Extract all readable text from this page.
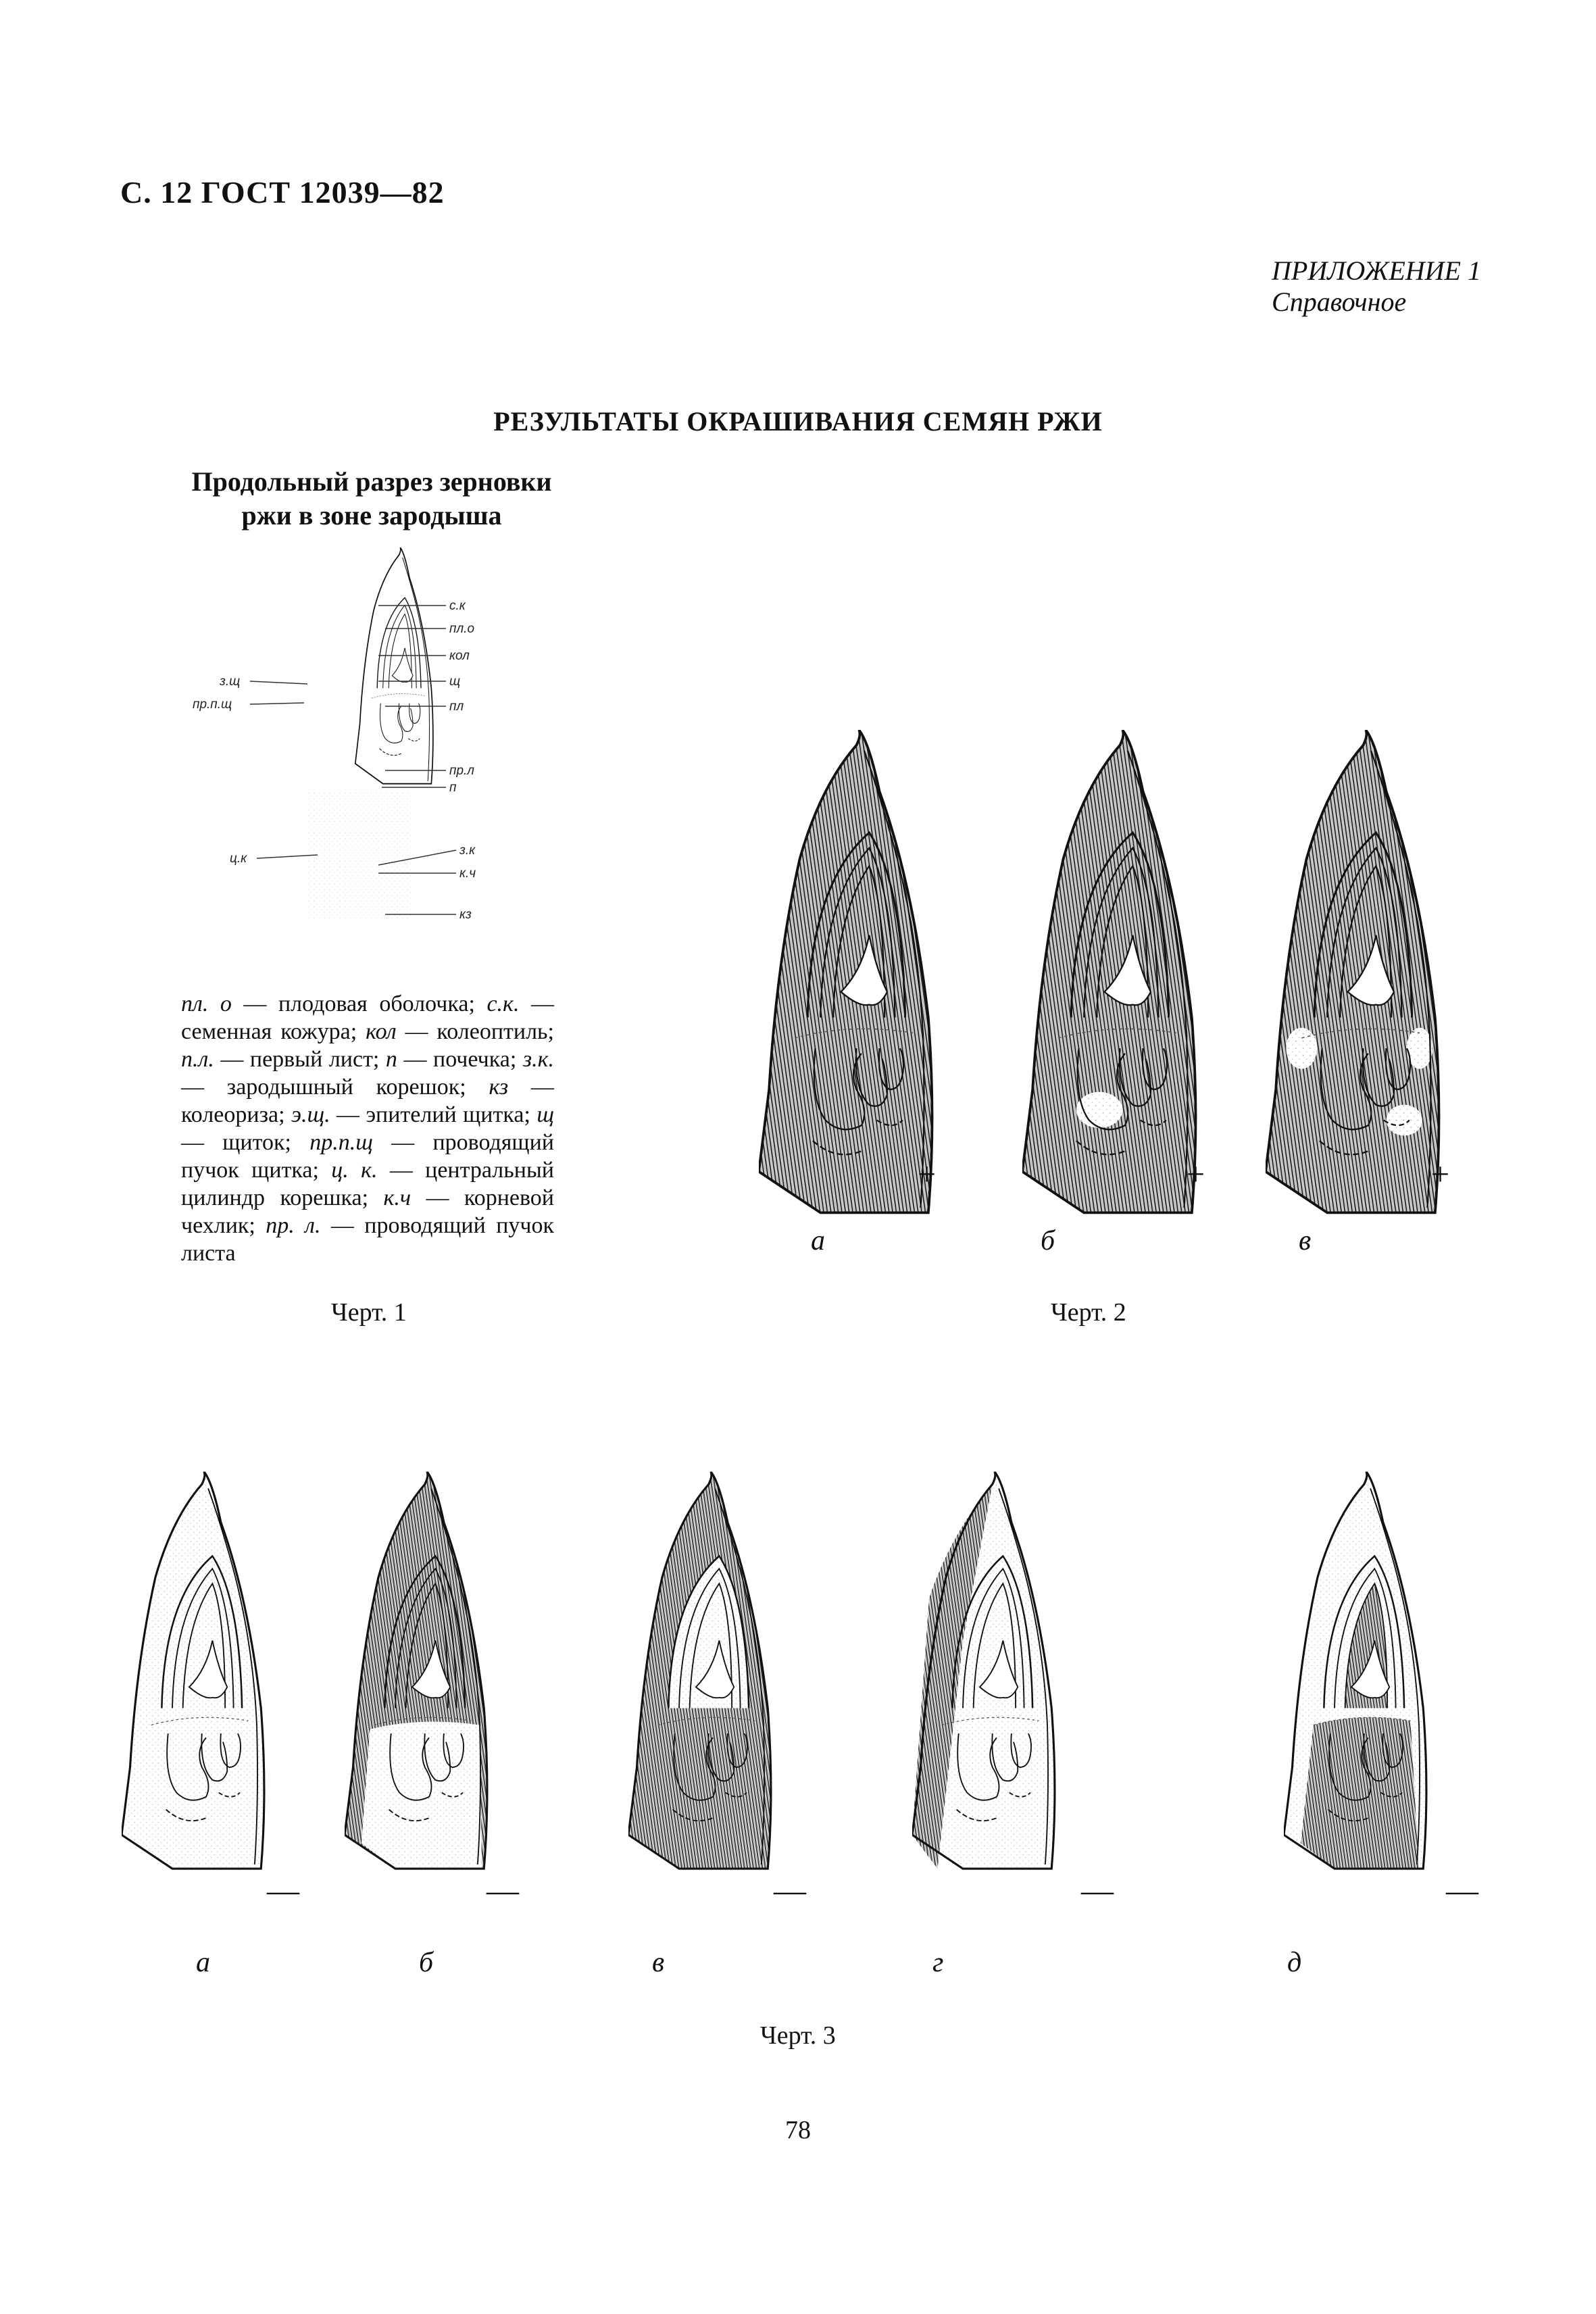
С. 12 ГОСТ 12039—82
ПРИЛОЖЕНИЕ 1
Справочное
РЕЗУЛЬТАТЫ ОКРАШИВАНИЯ СЕМЯН РЖИ
Продольный разрез зерновки
ржи в зоне зародыша
с.к
пл.о
кол
щ
пл
пр.л
п
з.к
к.ч
кз
з.щ
пр.п.щ
ц.к
пл. о — плодовая оболочка; с.к. — семенная кожура; кол — колеоптиль; п.л. — первый лист; п — почечка; з.к. — зародышный корешок; кз — колеориза; э.щ. — эпителий щитка; щ — щиток; пр.п.щ — проводящий пучок щитка; ц. к. — центральный цилиндр корешка; к.ч — корневой чехлик; пр. л. — проводящий пучок листа
Черт. 1
+	+	+
а	б	в
Черт. 2
—	—	—	—	—
а	б	в	г	д
Черт. 3
78
